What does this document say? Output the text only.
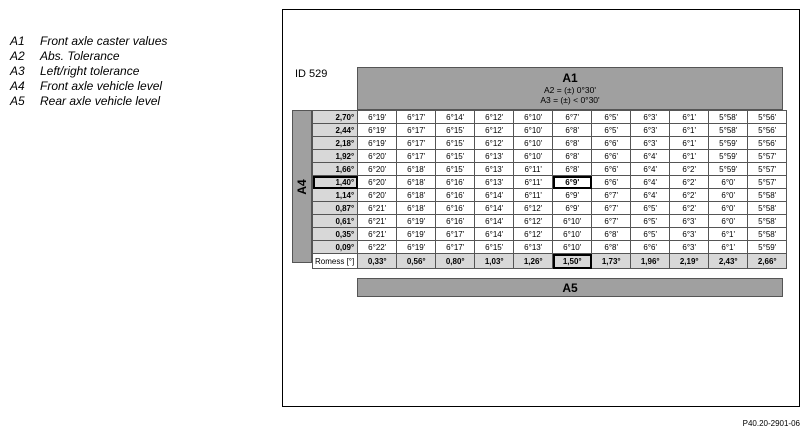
A1	Front axle caster values
A2	Abs. Tolerance
A3	Left/right tolerance
A4	Front axle vehicle level
A5	Rear axle vehicle level
ID 529	A1
A2 = (±) 0°30'
A3 = (±) < 0°30'
A4
2,70°	6°19'	6°17'	6°14'	6°12'	6°10'	6°7'	6°5'	6°3'	6°1'	5°58'	5°56'
2,44°	6°19'	6°17'	6°15'	6°12'	6°10'	6°8'	6°5'	6°3'	6°1'	5°58'	5°56'
2,18°	6°19'	6°17'	6°15'	6°12'	6°10'	6°8'	6°6'	6°3'	6°1'	5°59'	5°56'
1,92°	6°20'	6°17'	6°15'	6°13'	6°10'	6°8'	6°6'	6°4'	6°1'	5°59'	5°57'
1,66°	6°20'	6°18'	6°15'	6°13'	6°11'	6°8'	6°6'	6°4'	6°2'	5°59'	5°57'
1,40°	6°20'	6°18'	6°16'	6°13'	6°11'	6°9'	6°6'	6°4'	6°2'	6°0'	5°57'
1,14°	6°20'	6°18'	6°16'	6°14'	6°11'	6°9'	6°7'	6°4'	6°2'	6°0'	5°58'
0,87°	6°21'	6°18'	6°16'	6°14'	6°12'	6°9'	6°7'	6°5'	6°2'	6°0'	5°58'
0,61°	6°21'	6°19'	6°16'	6°14'	6°12'	6°10'	6°7'	6°5'	6°3'	6°0'	5°58'
0,35°	6°21'	6°19'	6°17'	6°14'	6°12'	6°10'	6°8'	6°5'	6°3'	6°1'	5°58'
0,09°	6°22'	6°19'	6°17'	6°15'	6°13'	6°10'	6°8'	6°6'	6°3'	6°1'	5°59'
Romess [°]	0,33°	0,56°	0,80°	1,03°	1,26°	1,50°	1,73°	1,96°	2,19°	2,43°	2,66°
A5
P40.20-2901-06
